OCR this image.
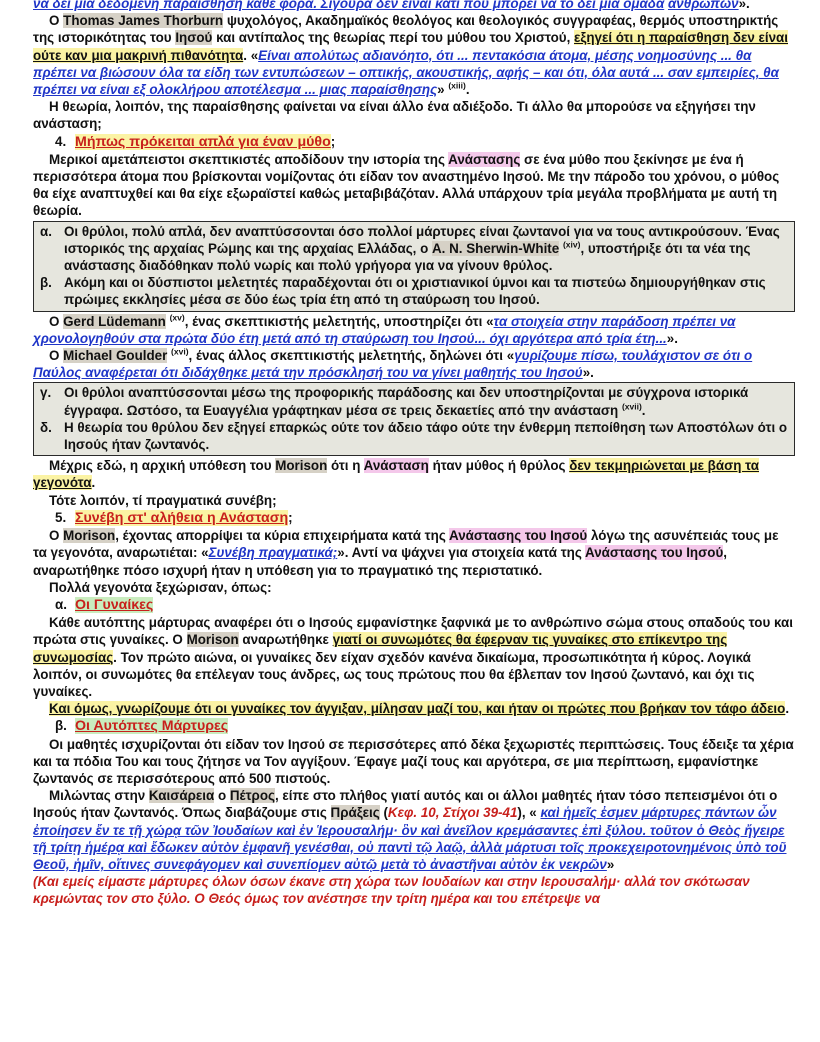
να δει μια δεδομένη παραίσθηση κάθε φορά. Σίγουρα δεν είναι κάτι που μπορεί να το δει μια ομάδα ανθρώπων».

O Thomas James Thorburn ψυχολόγος, Ακαδημαϊκός θεολόγος και θεολογικός συγγραφέας, θερμός υποστηρικτής της ιστορικότητας του Ιησού και αντίπαλος της θεωρίας περί του μύθου του Χριστού, εξηγεί ότι η παραίσθηση δεν είναι ούτε καν μια μακρινή πιθανότητα. «Είναι απολύτως αδιανόητο, ότι ... πεντακόσια άτομα, μέσης νοημοσύνης ... θα πρέπει να βιώσουν όλα τα είδη των εντυπώσεων – οπτικής, ακουστικής, αφής – και ότι, όλα αυτά ... σαν εμπειρίες, θα πρέπει να είναι εξ ολοκλήρου αποτέλεσμα ... μιας παραίσθησης» $^{(xiii)}$.

Η θεωρία, λοιπόν, της παραίσθησης φαίνεται να είναι άλλο ένα αδιέξοδο. Τι άλλο θα μπορούσε να εξηγήσει την ανάσταση;

4. Μήπως πρόκειται απλά για έναν μύθο;

Μερικοί αμετάπειστοι σκεπτικιστές αποδίδουν την ιστορία της Ανάστασης σε ένα μύθο που ξεκίνησε με ένα ή περισσότερα άτομα που βρίσκονται νομίζοντας ότι είδαν τον αναστημένο Ιησού. Με την πάροδο του χρόνου, ο μύθος θα είχε αναπτυχθεί και θα είχε εξωραϊστεί καθώς μεταβιβάζόταν. Αλλά υπάρχουν τρία μεγάλα προβλήματα με αυτή τη θεωρία.

α. Οι θρύλοι, πολύ απλά, δεν αναπτύσσονται όσο πολλοί μάρτυρες είναι ζωντανοί για να τους αντικρούσουν. Ένας ιστορικός της αρχαίας Ρώμης και της αρχαίας Ελλάδας, ο A. N. Sherwin-White $^{(xiv)}$, υποστήριξε ότι τα νέα της ανάστασης διαδόθηκαν πολύ νωρίς και πολύ γρήγορα για να γίνουν θρύλος.
β. Ακόμη και οι δύσπιστοι μελετητές παραδέχονται ότι οι χριστιανικοί ύμνοι και τα πιστεύω δημιουργήθηκαν στις πρώιμες εκκλησίες μέσα σε δύο έως τρία έτη από τη σταύρωση του Ιησού.

O Gerd Lüdemann $^{(xv)}$, ένας σκεπτικιστής μελετητής, υποστηρίζει ότι «τα στοιχεία στην παράδοση πρέπει να χρονολογηθούν στα πρώτα δύο έτη μετά από τη σταύρωση του Ιησού... όχι αργότερα από τρία έτη...».

O Michael Goulder $^{(xvi)}$, ένας άλλος σκεπτικιστής μελετητής, δηλώνει ότι «γυρίζουμε πίσω, τουλάχιστον σε ότι ο Παύλος αναφέρεται ότι διδάχθηκε μετά την πρόσκλησή του να γίνει μαθητής του Ιησού».

γ. Οι θρύλοι αναπτύσσονται μέσω της προφορικής παράδοσης και δεν υποστηρίζονται με σύγχρονα ιστορικά έγγραφα. Ωστόσο, τα Ευαγγέλια γράφτηκαν μέσα σε τρεις δεκαετίες από την ανάσταση $^{(xvii)}$.
δ. Η θεωρία του θρύλου δεν εξηγεί επαρκώς ούτε τον άδειο τάφο ούτε την ένθερμη πεποίθηση των Αποστόλων ότι ο Ιησούς ήταν ζωντανός.

Μέχρις εδώ, η αρχική υπόθεση του Morison ότι η Ανάσταση ήταν μύθος ή θρύλος δεν τεκμηριώνεται με βάση τα γεγονότα.

Τότε λοιπόν, τί πραγματικά συνέβη;

5. Συνέβη στ' αλήθεια η Ανάσταση;

O Morison, έχοντας απορρίψει τα κύρια επιχειρήματα κατά της Ανάστασης του Ιησού λόγω της ασυνέπειάς τους με τα γεγονότα, αναρωτιέται: «Συνέβη πραγματικά;». Αντί να ψάχνει για στοιχεία κατά της Ανάστασης του Ιησού, αναρωτήθηκε πόσο ισχυρή ήταν η υπόθεση για το πραγματικό της περιστατικό.

Πολλά γεγονότα ξεχώρισαν, όπως:

α. Οι Γυναίκες

Κάθε αυτόπτης μάρτυρας αναφέρει ότι ο Ιησούς εμφανίστηκε ξαφνικά με το ανθρώπινο σώμα στους οπαδούς του και πρώτα στις γυναίκες. Ο Morison αναρωτήθηκε γιατί οι συνωμότες θα έφερναν τις γυναίκες στο επίκεντρο της συνωμοσίας. Τον πρώτο αιώνα, οι γυναίκες δεν είχαν σχεδόν κανένα δικαίωμα, προσωπικότητα ή κύρος. Λογικά λοιπόν, οι συνωμότες θα επέλεγαν τους άνδρες, ως τους πρώτους που θα έβλεπαν τον Ιησού ζωντανό, και όχι τις γυναίκες.

Και όμως, γνωρίζουμε ότι οι γυναίκες τον άγγιξαν, μίλησαν μαζί του, και ήταν οι πρώτες που βρήκαν τον τάφο άδειο.

β. Οι Αυτόπτες Μάρτυρες

Οι μαθητές ισχυρίζονται ότι είδαν τον Ιησού σε περισσότερες από δέκα ξεχωριστές περιπτώσεις. Τους έδειξε τα χέρια και τα πόδια Του και τους ζήτησε να Τον αγγίξουν. Έφαγε μαζί τους και αργότερα, σε μια περίπτωση, εμφανίστηκε ζωντανός σε περισσότερους από 500 πιστούς.

Μιλώντας στην Καισάρεια ο Πέτρος, είπε στο πλήθος γιατί αυτός και οι άλλοι μαθητές ήταν τόσο πεπεισμένοι ότι ο Ιησούς ήταν ζωντανός. Όπως διαβάζουμε στις Πράξεις (Κεφ. 10, Στίχοι 39-41), « καὶ ἡμεῖς ἐσμεν μάρτυρες πάντων ὧν ἐποίησεν ἔν τε τῇ χώρᾳ τῶν Ἰουδαίων καὶ ἐν Ἱερουσαλήμ· ὃν καὶ ἀνεῖλον κρεμάσαντες ἐπὶ ξύλου. τοῦτον ὁ Θεὸς ἤγειρε τῇ τρίτῃ ἡμέρᾳ καὶ ἔδωκεν αὐτὸν ἐμφανῆ γενέσθαι, οὐ παντὶ τῷ λαῷ, ἀλλὰ μάρτυσι τοῖς προκεχειροτονημένοις ὑπὸ τοῦ Θεοῦ, ἡμῖν, οἵτινες συνεφάγομεν καὶ συνεπίομεν αὐτῷ μετὰ τὸ ἀναστῆναι αὐτὸν ἐκ νεκρῶν»

(Και εμείς είμαστε μάρτυρες όλων όσων έκανε στη χώρα των Ιουδαίων και στην Ιερουσαλήμ· αλλά τον σκότωσαν κρεμώντας τον στο ξύλο. Ο Θεός όμως τον ανέστησε την τρίτη ημέρα και του επέτρεψε να
